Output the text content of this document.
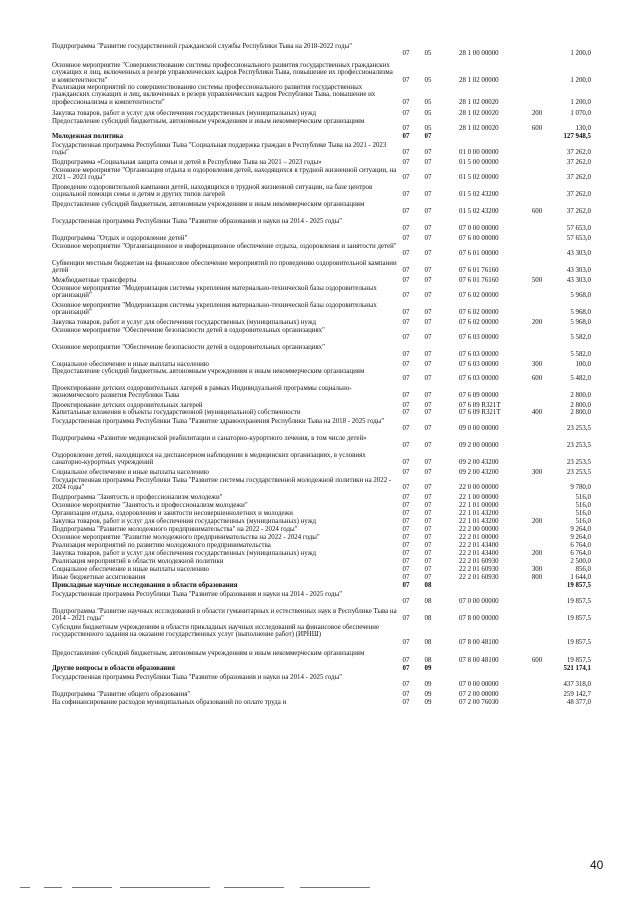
Подпрограмма "Развитие государственной гражданской службы Республики Тыва на 2018-2022 годы"
07	05	28 1 00 00000	1 200,0
Основное мероприятие "Совершенствование системы профессионального развития государственных гражданских служащих и лиц, включенных в резерв управленческих кадров Республики Тыва, повышение их профессионализма и компетентности"	07	05	28 1 02 00000	1 200,0
Реализация мероприятий по совершенствованию системы профессионального развития государственных гражданских служащих и лиц, включенных в резерв управленческих кадров Республики Тыва, повышение их профессионализма и компетентности"	07	05	28 1 02 00020	1 200,0
Закупка товаров, работ и услуг для обеспечения государственных (муниципальных) нужд	07	05	28 1 02 00020	200	1 070,0
Предоставление субсидий бюджетным, автономным учреждениям и иным некоммерческим организациям
07	05	28 1 02 00020	600	130,0
Молодежная политика	07	07	127 948,5
Государственная программа Республики Тыва "Социальная поддержка граждан в Республике Тыва на 2021 - 2023 годы"	07	07	01 0 00 00000	37 262,0
Подпрограмма «Социальная защита семьи и детей в Республике Тыва на 2021 – 2023 годы»	07	07	01 5 00 00000	37 262,0
Основное мероприятие "Организация отдыха и оздоровления детей, находящихся в трудной жизненной ситуации, на 2021 – 2023 годы"	07	07	01 5 02 00000	37 262,0
Проведение оздоровительной кампании детей, находящихся в трудной жизненной ситуации, на базе центров социальной помощи семье и детям и других типов лагерей	07	07	01 5 02 43200	37 262,0
Предоставление субсидий бюджетным, автономным учреждениям и иным некоммерческим организациям
07	07	01 5 02 43200	600	37 262,0
Государственная программа Республики Тыва "Развитие образования и науки на 2014 - 2025 годы"
07	07	07 0 00 00000	57 653,0
Подпрограмма "Отдых и оздоровление детей"	07	07	07 6 00 00000	57 653,0
Основное мероприятие "Организационное и информационное обеспечение отдыха, оздоровления и занятости детей"
07	07	07 6 01 00000	43 303,0
Субвенции местным бюджетам на финансовое обеспечение мероприятий по проведению оздоровительной кампании детей	07	07	07 6 01 76160	43 303,0
Межбюджетные трансферты	07	07	07 6 01 76160	500	43 303,0
Основное мероприятие "Модернизация системы укрепления материально-технической базы оздоровительных организаций"	07	07	07 6 02 00000	5 968,0
Основное мероприятие "Модернизация системы укрепления материально-технической базы оздоровительных организаций"	07	07	07 6 02 00000	5 968,0
Закупка товаров, работ и услуг для обеспечения государственных (муниципальных) нужд	07	07	07 6 02 00000	200	5 968,0
Основное мероприятие "Обеспечение безопасности детей в оздоровительных организациях"
07	07	07 6 03 00000	5 582,0
Основное мероприятие "Обеспечение безопасности детей в оздоровительных организациях"
07	07	07 6 03 00000	5 582,0
Социальное обеспечение и иные выплаты населению	07	07	07 6 03 00000	300	100,0
Предоставление субсидий бюджетным, автономным учреждениям и иным некоммерческим организациям
07	07	07 6 03 00000	600	5 482,0
Проектирование детских оздоровительных лагерей в рамках Индивидуальной программы социально-экономического развития Республики Тыва	07	07	07 6 09 00000	2 800,0
Проектирование детских оздоровительных лагерей	07	07	07 6 09 R321T	2 800,0
Капитальные вложения в объекты государственной (муниципальной) собственности	07	07	07 6 09 R321T	400	2 800,0
Государственная программа Республики Тыва "Развитие здравоохранения Республики Тыва на 2018 - 2025 годы"
07	07	09 0 00 00000	23 253,5
Подпрограмма «Развитие медицинской реабилитации и санаторно-курортного лечения, в том числе детей»
07	07	09 2 00 00000	23 253,5
Оздоровление детей, находящихся на диспансерном наблюдении в медицинских организациях, в условиях санаторно-курортных учреждений	07	07	09 2 00 43200	23 253,5
Социальное обеспечение и иные выплаты населению	07	07	09 2 00 43200	300	23 253,5
Государственная программа Республики Тыва "Развитие системы государственной молодежной политики на 2022 - 2024 годы"	07	07	22 0 00 00000	9 780,0
Подпрограмма "Занятость и профессионализм молодежи"	07	07	22 1 00 00000	516,0
Основное мероприятие "Занятость и профессионализм молодежи"	07	07	22 1 01 00000	516,0
Организация отдыха, оздоровления и занятости несовершеннолетних и молодежи	07	07	22 1 01 43200	516,0
Закупка товаров, работ и услуг для обеспечения государственных (муниципальных) нужд	07	07	22 1 01 43200	200	516,0
Подпрограмма "Развитие молодежного предпринимательства" на 2022 - 2024 годы"	07	07	22 2 00 00000	9 264,0
Основное мероприятие "Развитие молодежного предпринимательства на 2022 - 2024 годы"	07	07	22 2 01 00000	9 264,0
Реализация мероприятий по развитию молодежного предпринимательства	07	07	22 2 01 43400	6 764,0
Закупка товаров, работ и услуг для обеспечения государственных (муниципальных) нужд	07	07	22 2 01 43400	200	6 764,0
Реализация мероприятий в области молодежной политики	07	07	22 2 01 60930	2 500,0
Социальное обеспечение и иные выплаты населению	07	07	22 2 01 60930	300	856,0
Иные бюджетные ассигнования	07	07	22 2 01 60930	800	1 644,0
Прикладные научные исследования в области образования	07	08	19 857,5
Государственная программа Республики Тыва "Развитие образования и науки на 2014 - 2025 годы"
07	08	07 0 00 00000	19 857,5
Подпрограмма "Развитие научных исследований в области гуманитарных и естественных наук в Республике Тыва на 2014 - 2021 годы"	07	08	07 8 00 00000	19 857,5
Субсидии бюджетным учреждениям в области прикладных научных исследований на финансовое обеспечение государственного задания на оказание государственных услуг (выполнение работ) (ИРНШ)
07	08	07 8 00 48100	19 857,5
Предоставление субсидий бюджетным, автономным учреждениям и иным некоммерческим организациям
07	08	07 8 00 48100	600	19 857,5
Другие вопросы в области образования	07	09	521 174,1
Государственная программа Республики Тыва "Развитие образования и науки на 2014 - 2025 годы"
07	09	07 0 00 00000	437 318,0
Подпрограмма "Развитие общего образования"	07	09	07 2 00 00000	259 142,7
На софинансирование расходов муниципальных образований по оплате труда и	07	09	07 2 00 76030	48 377,0
40
